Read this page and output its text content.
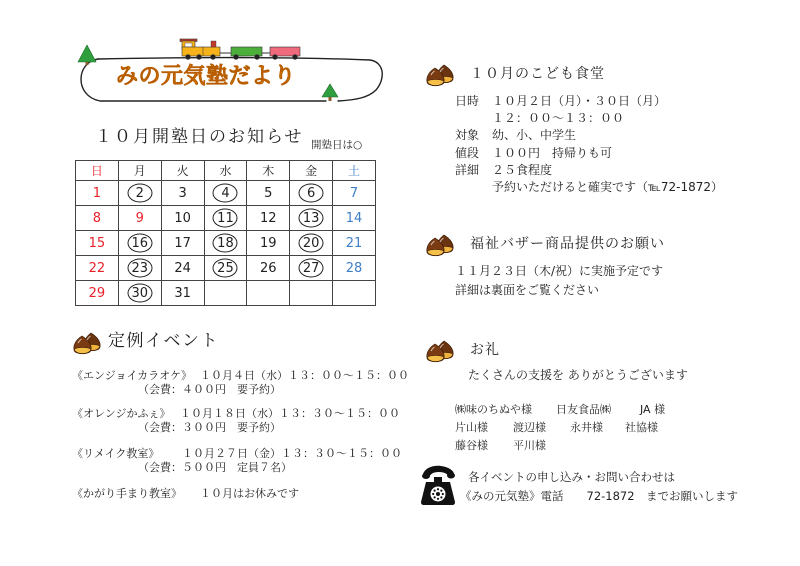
みの元気塾だより
１０月開塾日のお知らせ 開塾日は○
日	月	火	水	木	金	土
1	2	3	4	5	6	7
8	9	10	11	12	13	14
15	16	17	18	19	20	21
22	23	24	25	26	27	28
29	30	31				
定例イベント
《エンジョイカラオケ》 １０月４日（水）１３：００～１５：００
（会費：４００円　要予約）
《オレンジかふぇ》 １０月１８日（水）１３：３０～１５：００
（会費：３００円　要予約）
《リメイク教室》 １０月２７日（金）１３：３０～１５：００
（会費：５００円　定員７名）
《かがり手まり教室》 １０月はお休みです
１０月のこども食堂
日時 １０月２日（月）・３０日（月）
１２：００～１３：００
対象 幼、小、中学生
値段 １００円　持帰りも可
詳細 ２５食程度
予約いただけると確実です（℡72-1872）
福祉バザー商品提供のお願い
１１月２３日（木/祝）に実施予定です
詳細は裏面をご覧ください
お礼
たくさんの支援を ありがとうございます
㈱味のちぬや様 日友食品㈱	JA 様
片山様 渡辺様 永井様 社協様
藤谷様 平川様
各イベントの申し込み・お問い合わせは
《みの元気塾》電話　　72-1872　までお願いします
